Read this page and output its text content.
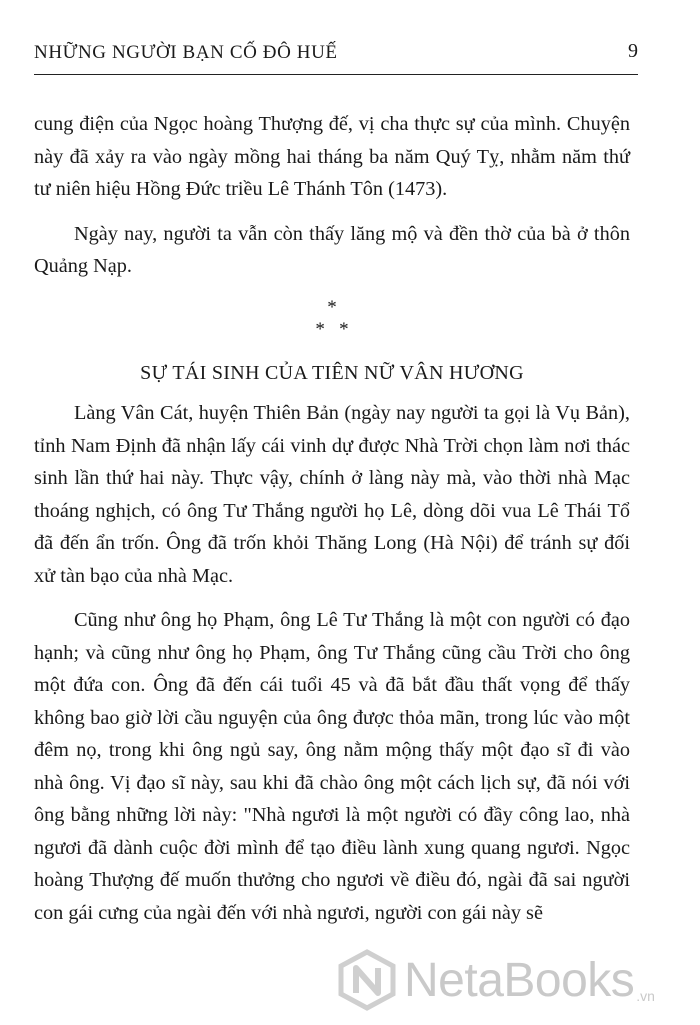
NHỮNG NGƯỜI BẠN CỐ ĐÔ HUẾ	9

cung điện của Ngọc hoàng Thượng đế, vị cha thực sự của mình. Chuyện này đã xảy ra vào ngày mồng hai tháng ba năm Quý Tỵ, nhằm năm thứ tư niên hiệu Hồng Đức triều Lê Thánh Tôn (1473).

Ngày nay, người ta vẫn còn thấy lăng mộ và đền thờ của bà ở thôn Quảng Nạp.

*
*   *

SỰ TÁI SINH CỦA TIÊN NỮ VÂN HƯƠNG

Làng Vân Cát, huyện Thiên Bản (ngày nay người ta gọi là Vụ Bản), tỉnh Nam Định đã nhận lấy cái vinh dự được Nhà Trời chọn làm nơi thác sinh lần thứ hai này. Thực vậy, chính ở làng này mà, vào thời nhà Mạc thoáng nghịch, có ông Tư Thắng người họ Lê, dòng dõi vua Lê Thái Tổ đã đến ẩn trốn. Ông đã trốn khỏi Thăng Long (Hà Nội) để tránh sự đối xử tàn bạo của nhà Mạc.

Cũng như ông họ Phạm, ông Lê Tư Thắng là một con người có đạo hạnh; và cũng như ông họ Phạm, ông Tư Thắng cũng cầu Trời cho ông một đứa con. Ông đã đến cái tuổi 45 và đã bắt đầu thất vọng để thấy không bao giờ lời cầu nguyện của ông được thỏa mãn, trong lúc vào một đêm nọ, trong khi ông ngủ say, ông nằm mộng thấy một đạo sĩ đi vào nhà ông. Vị đạo sĩ này, sau khi đã chào ông một cách lịch sự, đã nói với ông bằng những lời này: "Nhà ngươi là một người có đầy công lao, nhà ngươi đã dành cuộc đời mình để tạo điều lành xung quang ngươi. Ngọc hoàng Thượng đế muốn thưởng cho ngươi về điều đó, ngài đã sai người con gái cưng của ngài đến với nhà ngươi, người con gái này sẽ

NetaBooks .vn
